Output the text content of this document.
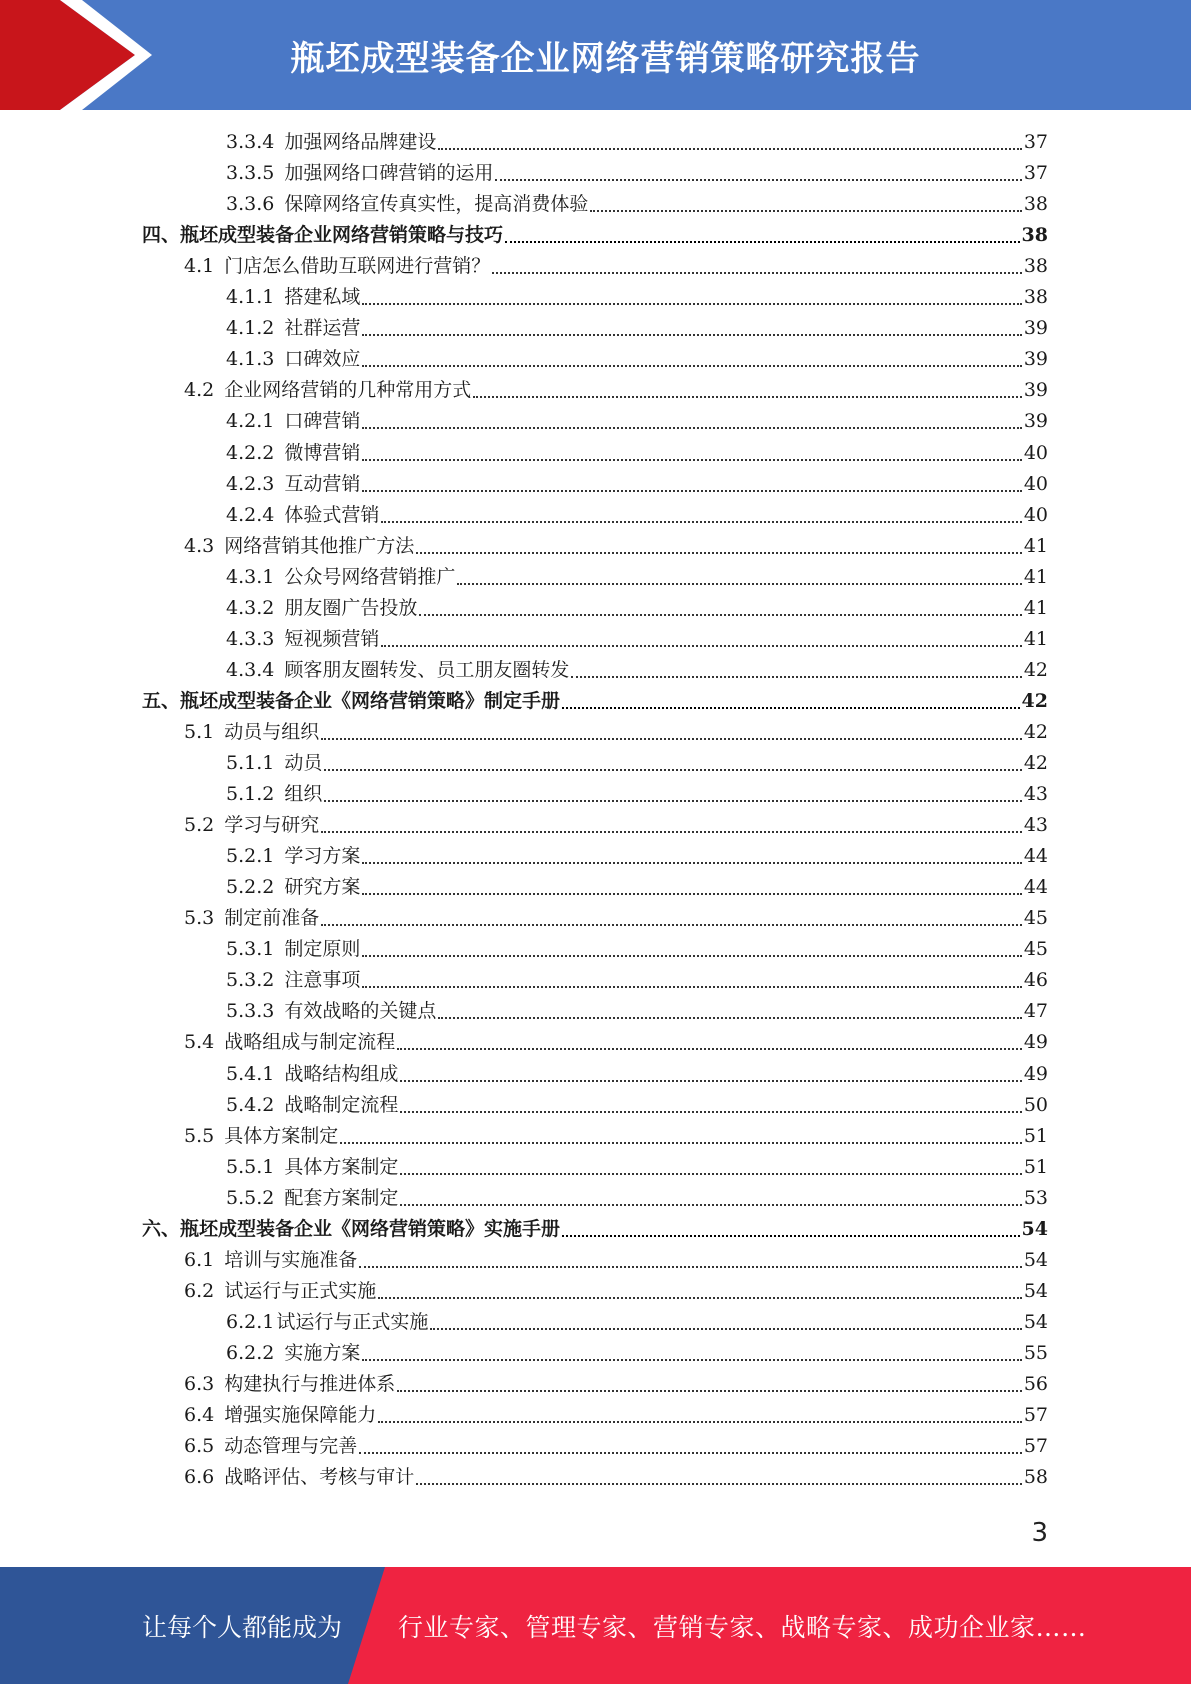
瓶坯成型装备企业网络营销策略研究报告
3.3.4 加强网络品牌建设	37
3.3.5 加强网络口碑营销的运用	37
3.3.6 保障网络宣传真实性，提高消费体验	38
四、 瓶坯成型装备企业网络营销策略与技巧	38
4.1 门店怎么借助互联网进行营销？	38
4.1.1 搭建私域	38
4.1.2 社群运营	39
4.1.3 口碑效应	39
4.2 企业网络营销的几种常用方式	39
4.2.1 口碑营销	39
4.2.2 微博营销	40
4.2.3 互动营销	40
4.2.4 体验式营销	40
4.3 网络营销其他推广方法	41
4.3.1 公众号网络营销推广	41
4.3.2 朋友圈广告投放	41
4.3.3 短视频营销	41
4.3.4 顾客朋友圈转发、员工朋友圈转发	42
五、 瓶坯成型装备企业《网络营销策略》制定手册	42
5.1 动员与组织	42
5.1.1 动员	42
5.1.2 组织	43
5.2 学习与研究	43
5.2.1 学习方案	44
5.2.2 研究方案	44
5.3 制定前准备	45
5.3.1 制定原则	45
5.3.2 注意事项	46
5.3.3 有效战略的关键点	47
5.4 战略组成与制定流程	49
5.4.1 战略结构组成	49
5.4.2 战略制定流程	50
5.5 具体方案制定	51
5.5.1 具体方案制定	51
5.5.2 配套方案制定	53
六、 瓶坯成型装备企业《网络营销策略》实施手册	54
6.1 培训与实施准备	54
6.2 试运行与正式实施	54
6.2.1 试运行与正式实施	54
6.2.2 实施方案	55
6.3 构建执行与推进体系	56
6.4 增强实施保障能力	57
6.5 动态管理与完善	57
6.6 战略评估、考核与审计	58
3
让每个人都能成为 行业专家、管理专家、营销专家、战略专家、成功企业家……
